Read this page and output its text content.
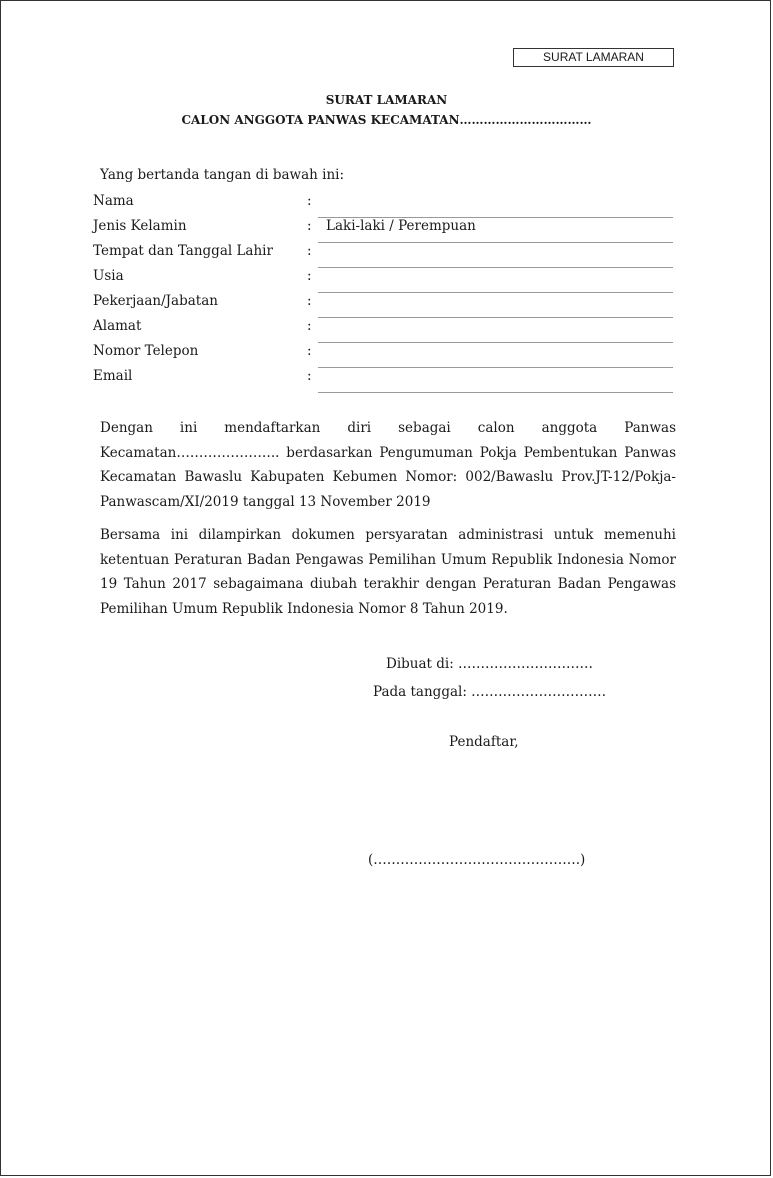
SURAT LAMARAN
SURAT LAMARAN
CALON ANGGOTA PANWAS KECAMATAN……………………………
Yang bertanda tangan di bawah ini:
Nama	:
Jenis Kelamin	: Laki-laki / Perempuan
Tempat dan Tanggal Lahir	:
Usia	:
Pekerjaan/Jabatan	:
Alamat	:
Nomor Telepon	:
Email	:

Dengan ini mendaftarkan diri sebagai calon anggota Panwas Kecamatan………………….. berdasarkan Pengumuman Pokja Pembentukan Panwas Kecamatan Bawaslu Kabupaten Kebumen Nomor: 002/Bawaslu Prov.JT-12/Pokja-Panwascam/XI/2019 tanggal 13 November 2019

Bersama ini dilampirkan dokumen persyaratan administrasi untuk memenuhi ketentuan Peraturan Badan Pengawas Pemilihan Umum Republik Indonesia Nomor 19 Tahun 2017 sebagaimana diubah terakhir dengan Peraturan Badan Pengawas Pemilihan Umum Republik Indonesia Nomor 8 Tahun 2019.

Dibuat di: …………………………
Pada tanggal: …………………………
Pendaftar,
(……………………………………….)
